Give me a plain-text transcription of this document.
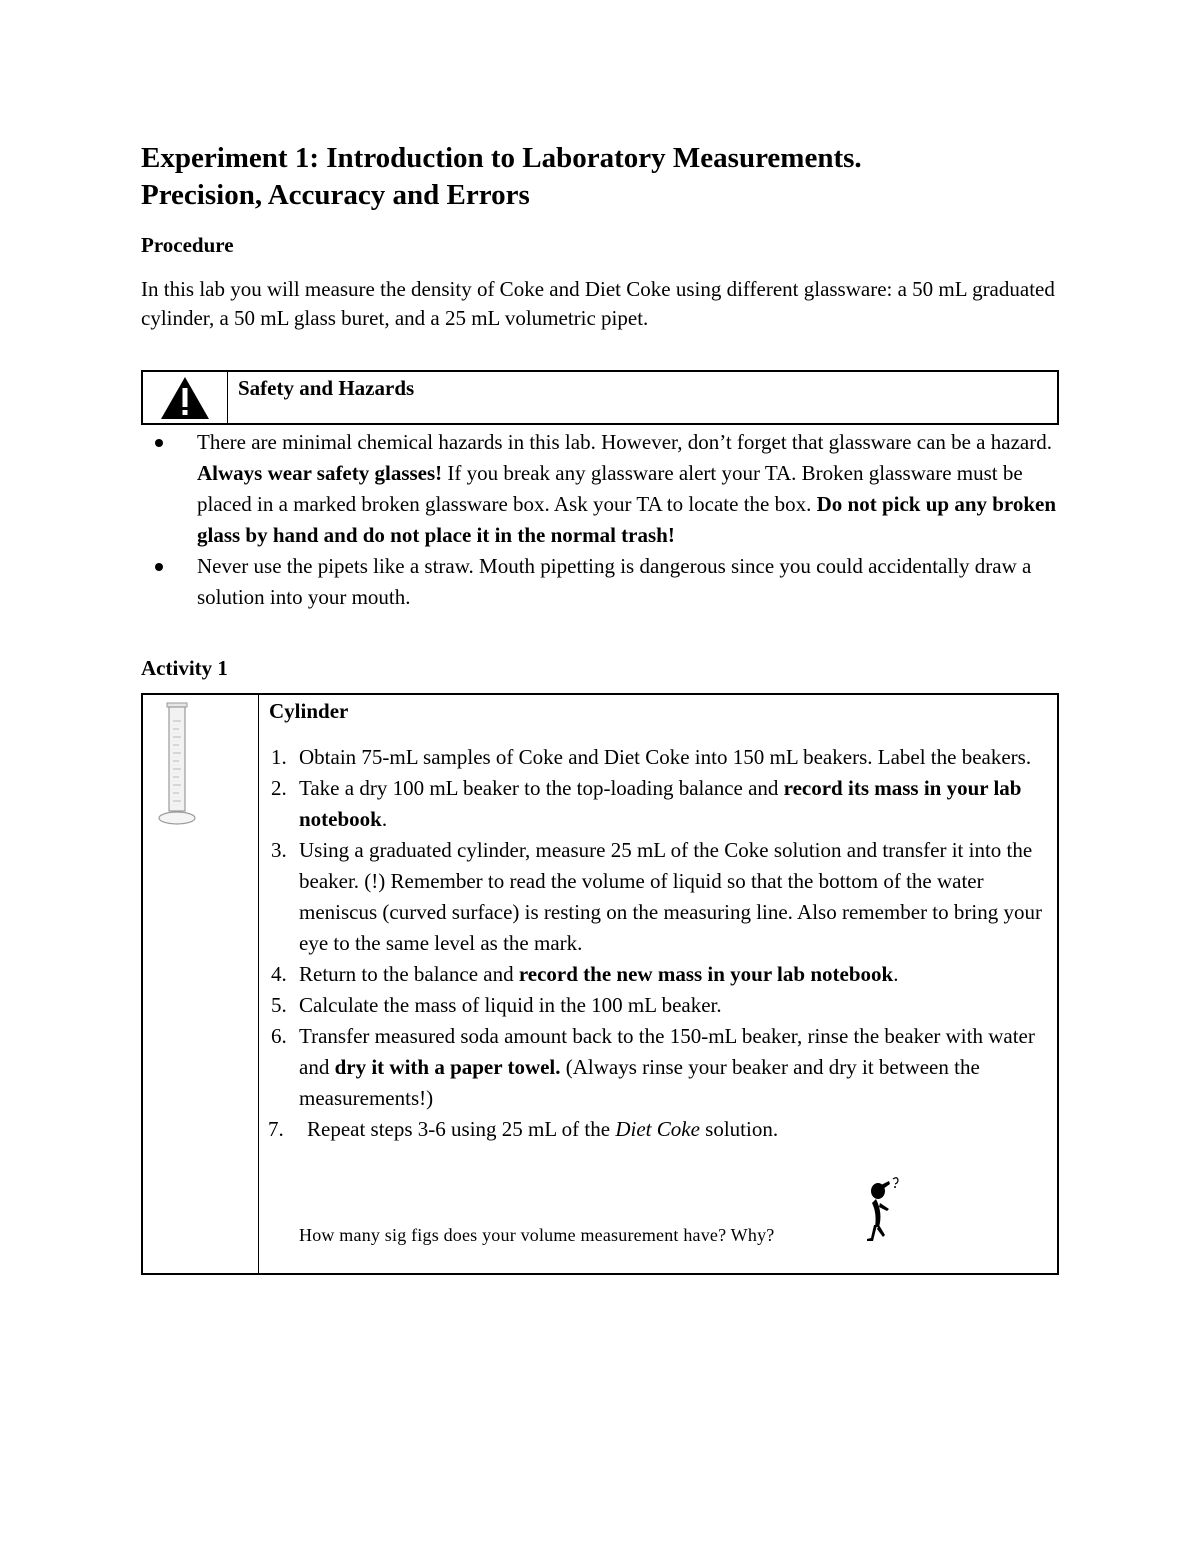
Experiment 1: Introduction to Laboratory Measurements.
Precision, Accuracy and Errors

Procedure

In this lab you will measure the density of Coke and Diet Coke using different glassware: a 50 mL graduated cylinder, a 50 mL glass buret, and a 25 mL volumetric pipet.

Safety and Hazards
There are minimal chemical hazards in this lab. However, don’t forget that glassware can be a hazard. Always wear safety glasses! If you break any glassware alert your TA. Broken glassware must be placed in a marked broken glassware box. Ask your TA to locate the box. Do not pick up any broken glass by hand and do not place it in the normal trash!
Never use the pipets like a straw. Mouth pipetting is dangerous since you could accidentally draw a solution into your mouth.

Activity 1

Cylinder

1. Obtain 75-mL samples of Coke and Diet Coke into 150 mL beakers. Label the beakers.
2. Take a dry 100 mL beaker to the top-loading balance and record its mass in your lab notebook.
3. Using a graduated cylinder, measure 25 mL of the Coke solution and transfer it into the beaker. (!) Remember to read the volume of liquid so that the bottom of the water meniscus (curved surface) is resting on the measuring line. Also remember to bring your eye to the same level as the mark.
4. Return to the balance and record the new mass in your lab notebook.
5. Calculate the mass of liquid in the 100 mL beaker.
6. Transfer measured soda amount back to the 150-mL beaker, rinse the beaker with water and dry it with a paper towel. (Always rinse your beaker and dry it between the measurements!)
7. Repeat steps 3-6 using 25 mL of the Diet Coke solution.
How many sig figs does your volume measurement have? Why?
